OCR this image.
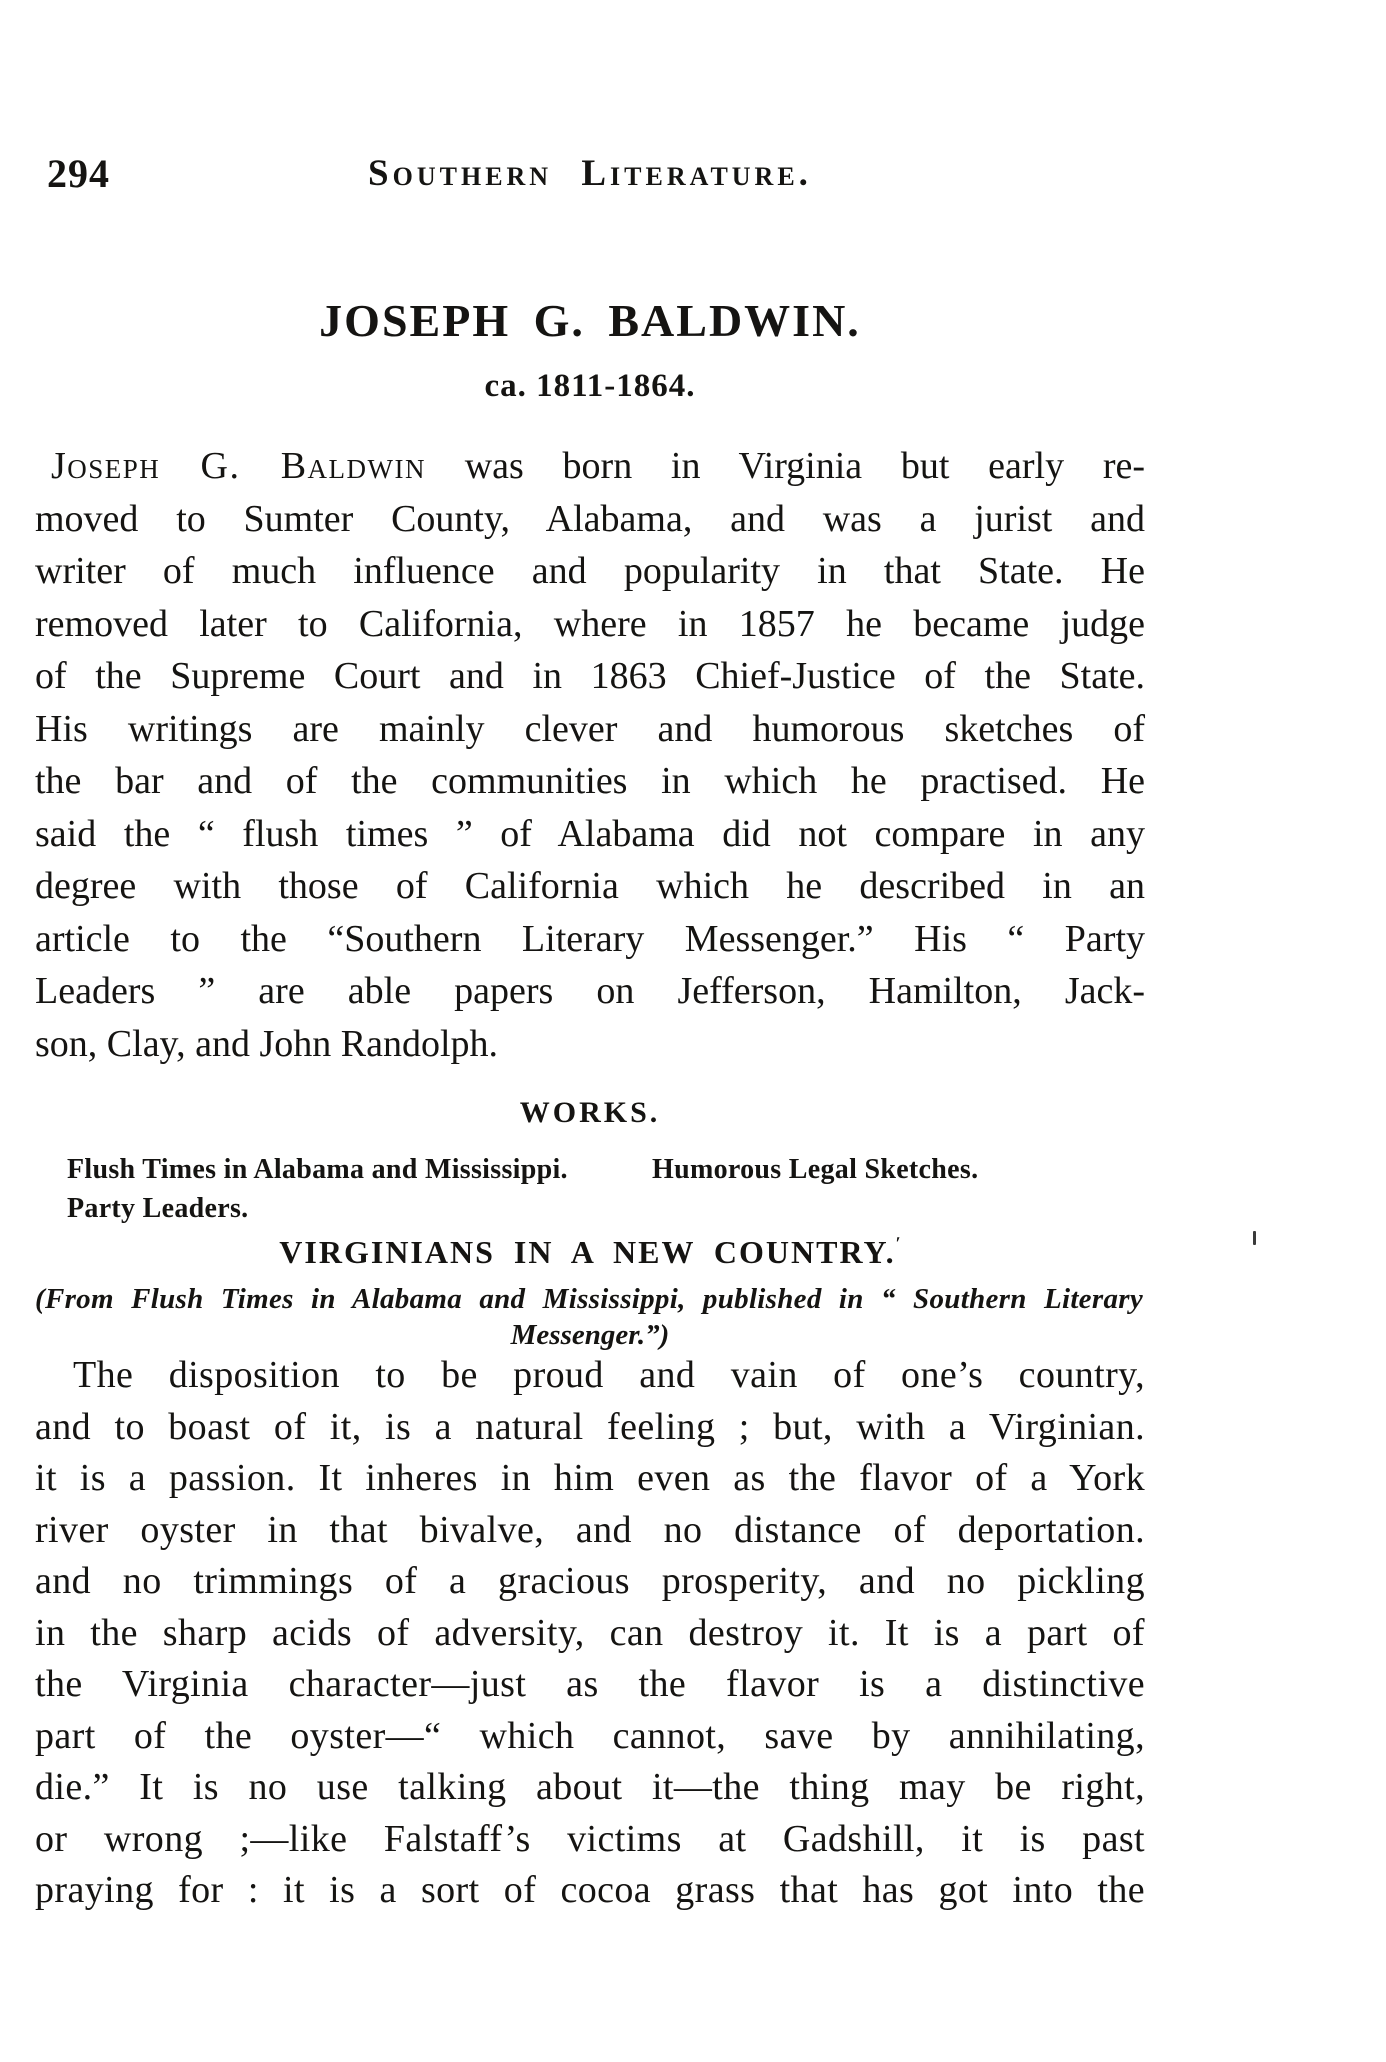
294	Southern Literature.
JOSEPH G. BALDWIN.
ca. 1811-1864.
Joseph G. Baldwin was born in Virginia but early re-
moved to Sumter County, Alabama, and was a jurist and
writer of much influence and popularity in that State. He
removed later to California, where in 1857 he became judge
of the Supreme Court and in 1863 Chief-Justice of the State.
His writings are mainly clever and humorous sketches of
the bar and of the communities in which he practised. He
said the “ flush times ” of Alabama did not compare in any
degree with those of California which he described in an
article to the “Southern Literary Messenger.” His “ Party
Leaders ” are able papers on Jefferson, Hamilton, Jack-
son, Clay, and John Randolph.
WORKS.
Flush Times in Alabama and Mississippi.	Humorous Legal Sketches.
Party Leaders.
VIRGINIANS IN A NEW COUNTRY.$^ʹ$
(From Flush Times in Alabama and Mississippi, published in “ Southern Literary
Messenger.”)
The disposition to be proud and vain of one’s country,
and to boast of it, is a natural feeling ; but, with a Virginian.
it is a passion. It inheres in him even as the flavor of a York
river oyster in that bivalve, and no distance of deportation.
and no trimmings of a gracious prosperity, and no pickling
in the sharp acids of adversity, can destroy it. It is a part of
the Virginia character—just as the flavor is a distinctive
part of the oyster—“ which cannot, save by annihilating,
die.” It is no use talking about it—the thing may be right,
or wrong ;—like Falstaff’s victims at Gadshill, it is past
praying for : it is a sort of cocoa grass that has got into the
